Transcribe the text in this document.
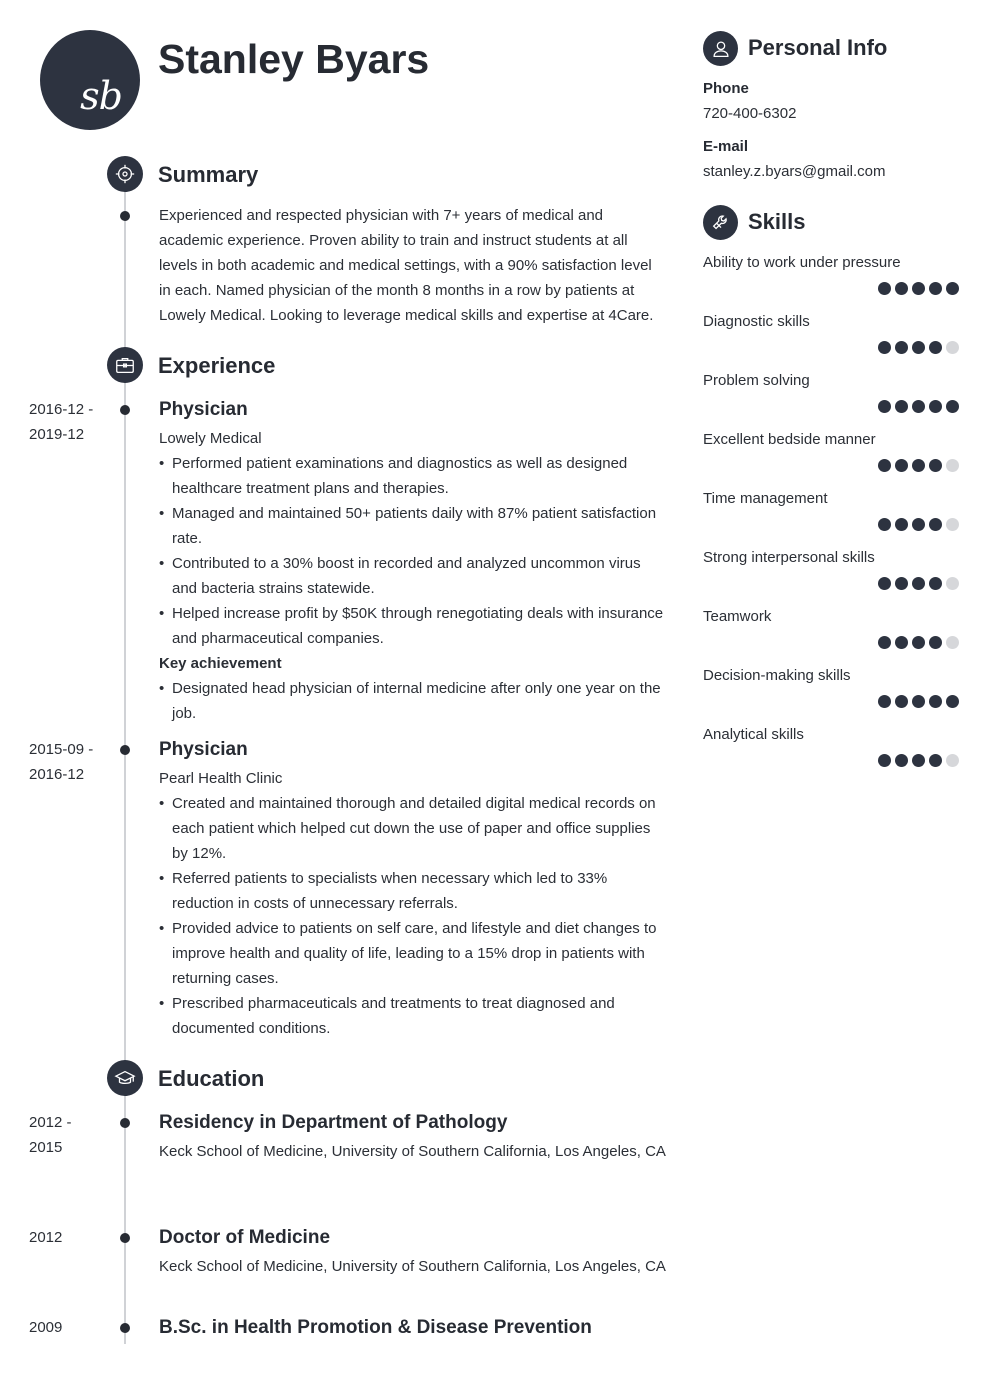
sb
Stanley Byars
Summary
Experienced and respected physician with 7+ years of medical and academic experience. Proven ability to train and instruct students at all levels in both academic and medical settings, with a 90% satisfaction level in each. Named physician of the month 8 months in a row by patients at Lowely Medical. Looking to leverage medical skills and expertise at 4Care.
Experience
2016-12 -
2019-12
Physician
Lowely Medical
• Performed patient examinations and diagnostics as well as designed healthcare treatment plans and therapies.
• Managed and maintained 50+ patients daily with 87% patient satisfaction rate.
• Contributed to a 30% boost in recorded and analyzed uncommon virus and bacteria strains statewide.
• Helped increase profit by $50K through renegotiating deals with insurance and pharmaceutical companies.
Key achievement
• Designated head physician of internal medicine after only one year on the job.
2015-09 -
2016-12
Physician
Pearl Health Clinic
• Created and maintained thorough and detailed digital medical records on each patient which helped cut down the use of paper and office supplies by 12%.
• Referred patients to specialists when necessary which led to 33% reduction in costs of unnecessary referrals.
• Provided advice to patients on self care, and lifestyle and diet changes to improve health and quality of life, leading to a 15% drop in patients with returning cases.
• Prescribed pharmaceuticals and treatments to treat diagnosed and documented conditions.
Education
2012 -
2015
Residency in Department of Pathology
Keck School of Medicine, University of Southern California, Los Angeles, CA
2012	Doctor of Medicine
Keck School of Medicine, University of Southern California, Los Angeles, CA
2009	B.Sc. in Health Promotion & Disease Prevention
Personal Info
Phone
720-400-6302
E-mail
stanley.z.byars@gmail.com
Skills
Ability to work under pressure
Diagnostic skills
Problem solving
Excellent bedside manner
Time management
Strong interpersonal skills
Teamwork
Decision-making skills
Analytical skills
